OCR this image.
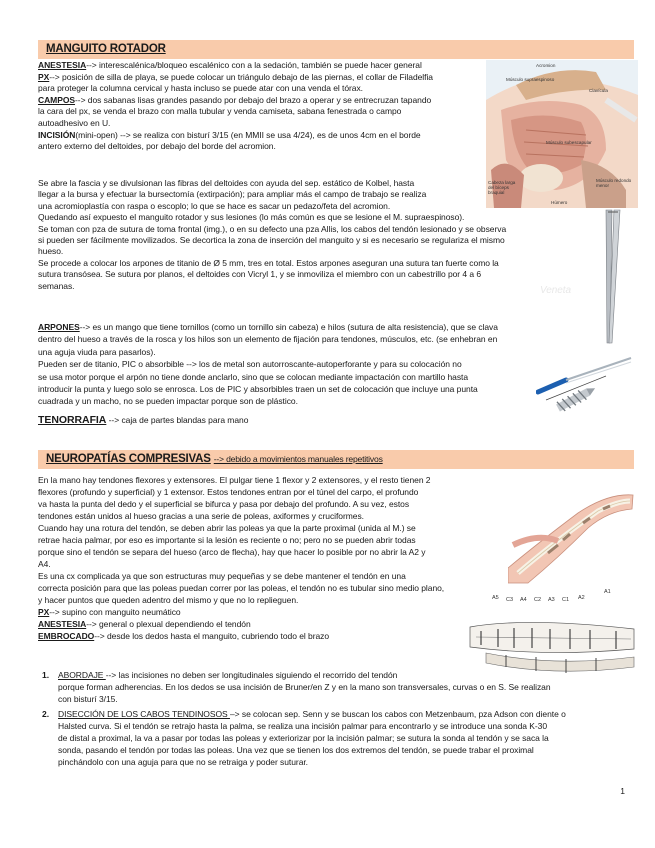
MANGUITO ROTADOR
ANESTESIA--> interescalénica/bloqueo escalénico con a la sedación, también se puede hacer general
PX--> posición de silla de playa, se puede colocar un triángulo debajo de las piernas, el collar de Filadelfia
para proteger la columna cervical y hasta incluso se puede atar con una venda el tórax.
CAMPOS--> dos sabanas lisas grandes pasando por debajo del brazo a operar y se entrecruzan tapando
la cara del px, se venda el brazo con malla tubular y venda camiseta, sabana fenestrada o campo
autoadhesivo en U.
INCISIÓN(mini-open) --> se realiza con bisturí 3/15 (en MMII se usa 4/24), es de unos 4cm en el borde
antero externo del deltoides, por debajo del borde del acromion.
Se abre la fascia y se divulsionan las fibras del deltoides con ayuda del sep. estático de Kolbel, hasta
llegar a la bursa y efectuar la bursectomía (extirpación); para ampliar más el campo de trabajo se realiza
una acromioplastía con raspa o escoplo; lo que se hace es sacar un pedazo/feta del acromion.
Quedando así expuesto el manguito rotador y sus lesiones (lo más común es que se lesione el M. supraespinoso).
Se toman con pza de sutura de toma frontal (img.), o en su defecto una pza Allis, los cabos del tendón lesionado y se observa
si pueden ser fácilmente movilizados. Se decortica la zona de inserción del manguito y si es necesario se regulariza el mismo
hueso.
Se procede a colocar los arpones de titanio de Ø 5 mm, tres en total. Estos arpones aseguran una sutura tan fuerte como la
sutura transósea. Se sutura por planos, el deltoides con Vicryl 1, y se inmoviliza el miembro con un cabestrillo por 4 a 6
semanas.
ARPONES--> es un mango que tiene tornillos (como un tornillo sin cabeza) e hilos (sutura de alta resistencia), que se clava
dentro del hueso a través de la rosca y los hilos son un elemento de fijación para tendones, músculos, etc. (se enhebran en
una aguja viuda para pasarlos).
Pueden ser de titanio, PIC o absorbible --> los de metal son autorroscante-autoperforante y para su colocación no
se usa motor porque el arpón no tiene donde anclarlo, sino que se colocan mediante impactación con martillo hasta
introducir la punta y luego solo se enrosca. Los de PIC y absorbibles traen un set de colocación que incluye una punta
cuadrada y un macho, no se pueden impactar porque son de plástico.
TENORRAFIA --> caja de partes blandas para mano
Acromion
Músculo supraespinoso
Clavícula
Músculo subescapular
Cabeza larga del bíceps braquial
Músculo redondo menor
Húmero
Veneta
NEUROPATÍAS COMPRESIVAS --> debido a movimientos manuales repetitivos
En la mano hay tendones flexores y extensores. El pulgar tiene 1 flexor y 2 extensores, y el resto tienen 2
flexores (profundo y superficial) y 1 extensor. Estos tendones entran por el túnel del carpo, el profundo
va hasta la punta del dedo y el superficial se bifurca y pasa por debajo del profundo. A su vez, estos
tendones están unidos al hueso gracias a una serie de poleas, axiformes y cruciformes.
Cuando hay una rotura del tendón, se deben abrir las poleas ya que la parte proximal (unida al M.) se
retrae hacia palmar, por eso es importante si la lesión es reciente o no; pero no se pueden abrir todas
porque sino el tendón se separa del hueso (arco de flecha), hay que hacer lo posible por no abrir la A2 y
A4.
Es una cx complicada ya que son estructuras muy pequeñas y se debe mantener el tendón en una
correcta posición para que las poleas puedan correr por las poleas, el tendón no es tubular sino medio plano,
y hacer puntos que queden adentro del mismo y que no lo replieguen.
PX--> supino con manguito neumático
ANESTESIA--> general o plexual dependiendo el tendón
EMBROCADO--> desde los dedos hasta el manguito, cubriendo todo el brazo
1. ABORDAJE --> las incisiones no deben ser longitudinales siguiendo el recorrido del tendón
porque forman adherencias. En los dedos se usa incisión de Bruner/en Z y en la mano son transversales, curvas o en S. Se realizan
con bisturí 3/15.
2. DISECCIÓN DE LOS CABOS TENDINOSOS –> se colocan sep. Senn y se buscan los cabos con Metzenbaum, pza Adson con diente o
Halsted curva. Si el tendón se retrajo hasta la palma, se realiza una incisión palmar para encontrarlo y se introduce una sonda K-30
de distal a proximal, la va a pasar por todas las poleas y exteriorizar por la incisión palmar; se sutura la sonda al tendón y se saca la
sonda, pasando el tendón por todas las poleas. Una vez que se tienen los dos extremos del tendón, se puede trabar el proximal
pinchándolo con una aguja para que no se retraiga y poder suturar.
A5 C3 A4 C2 A3 C1 A2
A1
1
